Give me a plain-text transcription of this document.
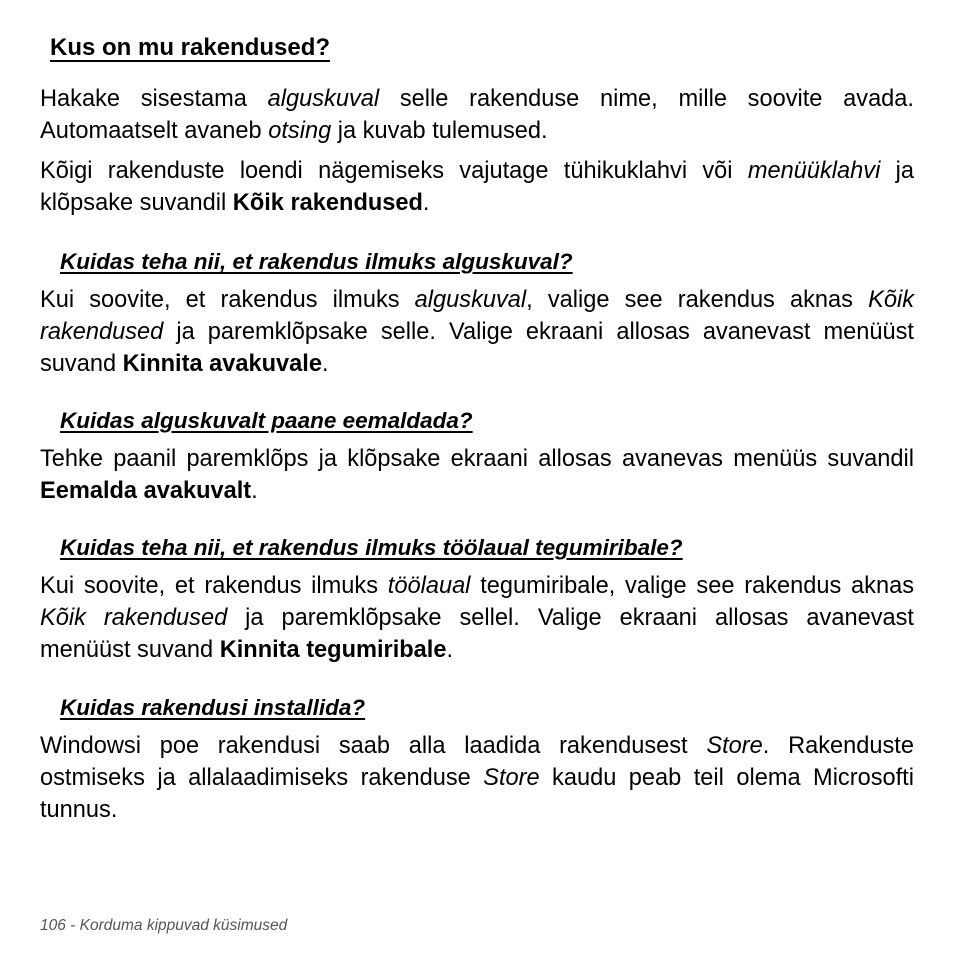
Kus on mu rakendused?

Hakake sisestama alguskuval selle rakenduse nime, mille soovite avada. Automaatselt avaneb otsing ja kuvab tulemused.

Kõigi rakenduste loendi nägemiseks vajutage tühikuklahvi või menüüklahvi ja klõpsake suvandil Kõik rakendused.

Kuidas teha nii, et rakendus ilmuks alguskuval?

Kui soovite, et rakendus ilmuks alguskuval, valige see rakendus aknas Kõik rakendused ja paremklõpsake selle. Valige ekraani allosas avanevast menüüst suvand Kinnita avakuvale.

Kuidas alguskuvalt paane eemaldada?

Tehke paanil paremklõps ja klõpsake ekraani allosas avanevas menüüs suvandil Eemalda avakuvalt.

Kuidas teha nii, et rakendus ilmuks töölaual tegumiribale?

Kui soovite, et rakendus ilmuks töölaual tegumiribale, valige see rakendus aknas Kõik rakendused ja paremklõpsake sellel. Valige ekraani allosas avanevast menüüst suvand Kinnita tegumiribale.

Kuidas rakendusi installida?

Windowsi poe rakendusi saab alla laadida rakendusest Store. Rakenduste ostmiseks ja allalaadimiseks rakenduse Store kaudu peab teil olema Microsofti tunnus.

106 - Korduma kippuvad küsimused
